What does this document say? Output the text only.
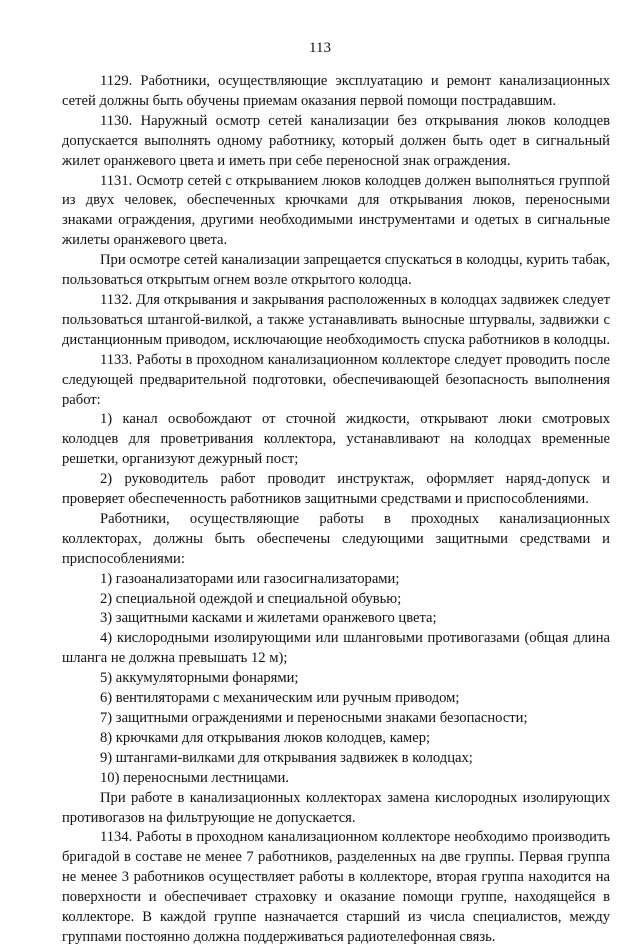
113

1129. Работники, осуществляющие эксплуатацию и ремонт канализационных сетей должны быть обучены приемам оказания первой помощи пострадавшим.

1130. Наружный осмотр сетей канализации без открывания люков колодцев допускается выполнять одному работнику, который должен быть одет в сигнальный жилет оранжевого цвета и иметь при себе переносной знак ограждения.

1131. Осмотр сетей с открыванием люков колодцев должен выполняться группой из двух человек, обеспеченных крючками для открывания люков, переносными знаками ограждения, другими необходимыми инструментами и одетых в сигнальные жилеты оранжевого цвета.

При осмотре сетей канализации запрещается спускаться в колодцы, курить табак, пользоваться открытым огнем возле открытого колодца.

1132. Для открывания и закрывания расположенных в колодцах задвижек следует пользоваться штангой-вилкой, а также устанавливать выносные штурвалы, задвижки с дистанционным приводом, исключающие необходимость спуска работников в колодцы.

1133. Работы в проходном канализационном коллекторе следует проводить после следующей предварительной подготовки, обеспечивающей безопасность выполнения работ:

1) канал освобождают от сточной жидкости, открывают люки смотровых колодцев для проветривания коллектора, устанавливают на колодцах временные решетки, организуют дежурный пост;

2) руководитель работ проводит инструктаж, оформляет наряд-допуск и проверяет обеспеченность работников защитными средствами и приспособлениями.

Работники, осуществляющие работы в проходных канализационных коллекторах, должны быть обеспечены следующими защитными средствами и приспособлениями:

1) газоанализаторами или газосигнализаторами;

2) специальной одеждой и специальной обувью;

3) защитными касками и жилетами оранжевого цвета;

4) кислородными изолирующими или шланговыми противогазами (общая длина шланга не должна превышать 12 м);

5) аккумуляторными фонарями;

6) вентиляторами с механическим или ручным приводом;

7) защитными ограждениями и переносными знаками безопасности;

8) крючками для открывания люков колодцев, камер;

9) штангами-вилками для открывания задвижек в колодцах;

10) переносными лестницами.

При работе в канализационных коллекторах замена кислородных изолирующих противогазов на фильтрующие не допускается.

1134. Работы в проходном канализационном коллекторе необходимо производить бригадой в составе не менее 7 работников, разделенных на две группы. Первая группа не менее 3 работников осуществляет работы в коллекторе, вторая группа находится на поверхности и обеспечивает страховку и оказание помощи группе, находящейся в коллекторе. В каждой группе назначается старший из числа специалистов, между группами постоянно должна поддерживаться радиотелефонная связь.
